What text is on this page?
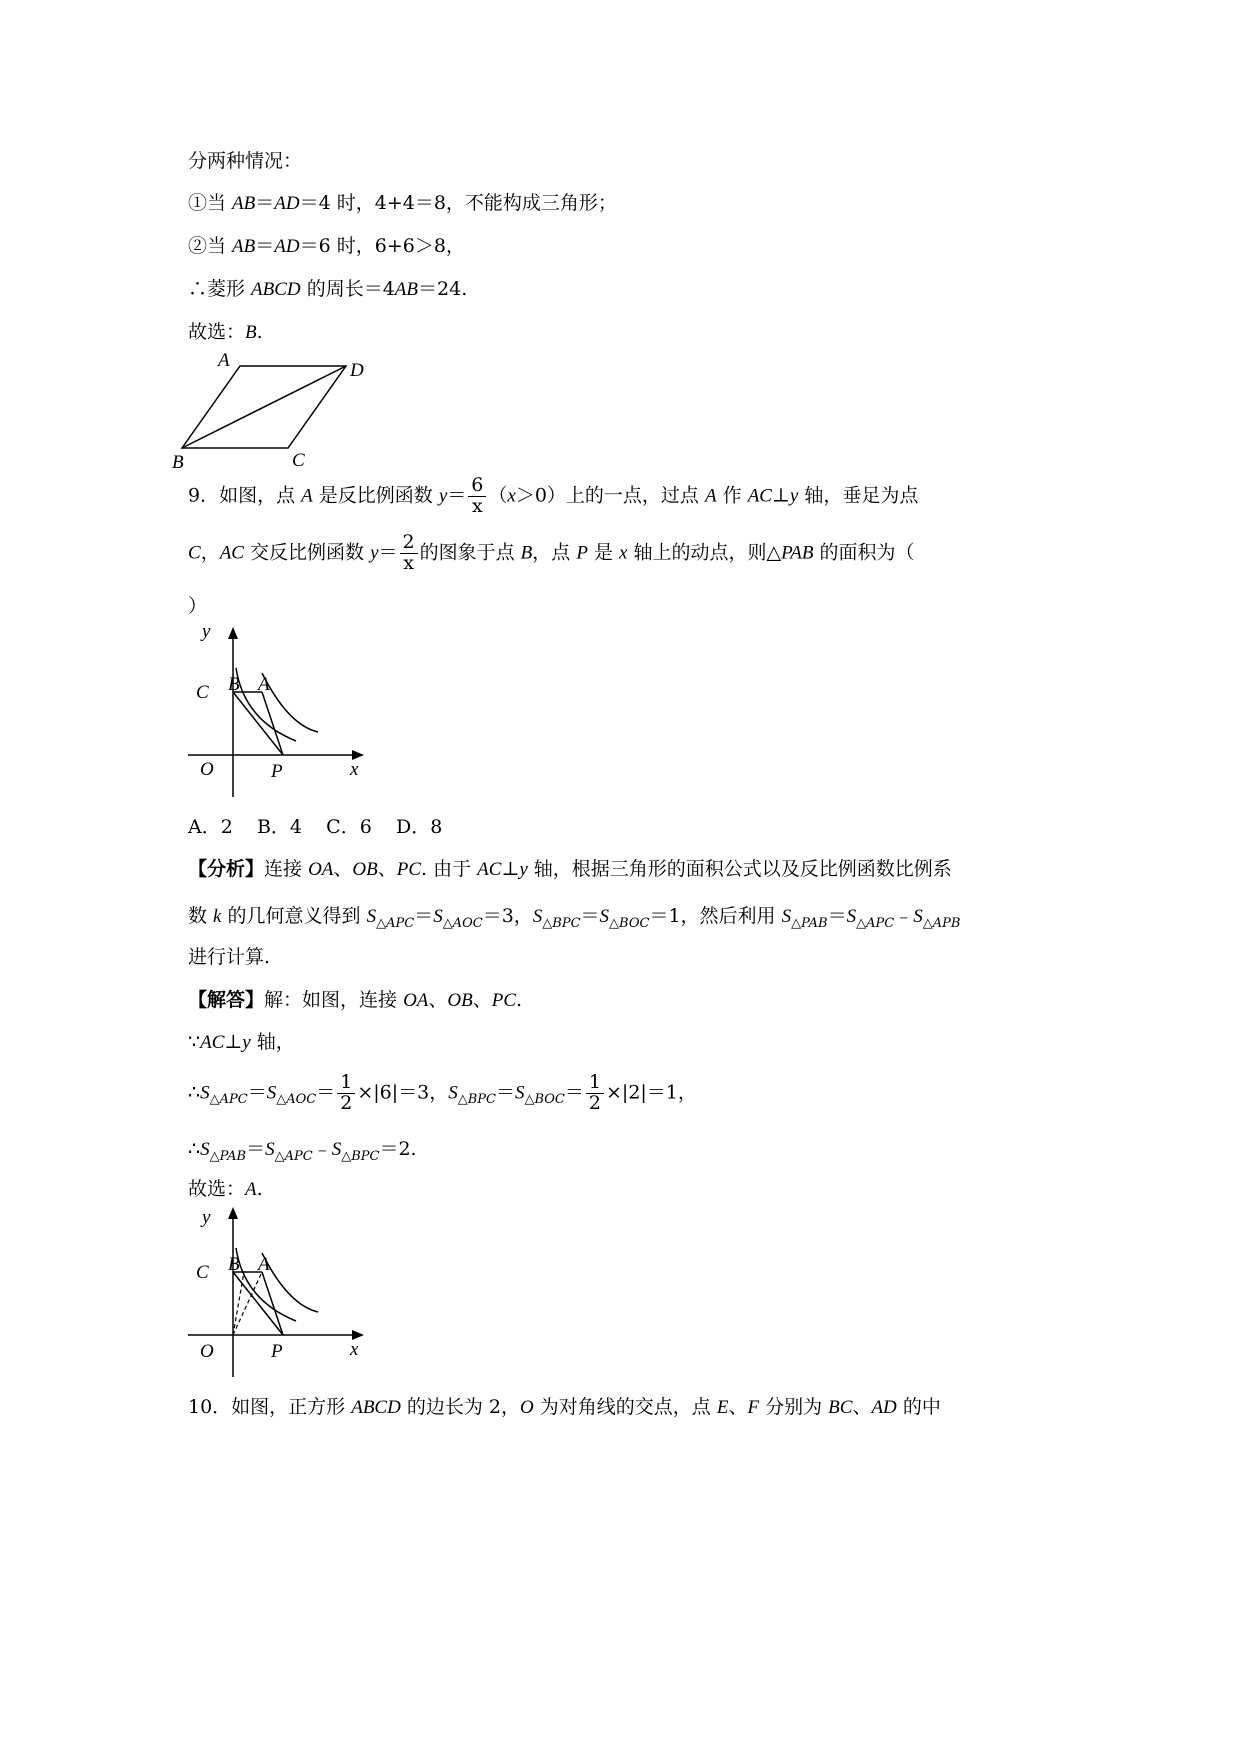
分两种情况：
①当 AB＝AD＝4 时，4+4＝8，不能构成三角形；
②当 AB＝AD＝6 时，6+6＞8，
∴菱形 ABCD 的周长＝4AB＝24.
故选：B.
A	D
B	C
9．如图，点 A 是反比例函数 $y= \frac{6}{x} (x>0)$上的一点，过点 A 作 AC⊥y 轴，垂足为点
C，AC 交反比例函数 $y= \frac{2}{x}$ 的图象于点 B，点 P 是 x 轴上的动点，则△PAB 的面积为（
）
y
x
C B A
O	P
A．2    B．4    C．6    D．8
【分析】连接 OA、OB、PC. 由于 AC⊥y 轴，根据三角形的面积公式以及反比例函数比例系
数 k 的几何意义得到 $S_{\triangle APC}=S_{\triangle AOC}=3$，$S_{\triangle BPC}=S_{\triangle BOC}=1$，然后利用 $S_{\triangle PAB}=S_{\triangle APC}﹣S_{\triangle APB}$
进行计算.
【解答】解：如图，连接 OA、OB、PC.
∵AC⊥y 轴，
$\therefore S_{\triangle APC}=S_{\triangle AOC}= \frac{1}{2} \times|6|=3$，$S_{\triangle BPC}=S_{\triangle BOC}= \frac{1}{2} \times|2|=1$，
$\therefore S_{\triangle PAB}=S_{\triangle APC}﹣S_{\triangle BPC}=2$.
故选：A.
y
x
C B A
O	P
10．如图，正方形 ABCD 的边长为 2，O 为对角线的交点，点 E、F 分别为 BC、AD 的中
